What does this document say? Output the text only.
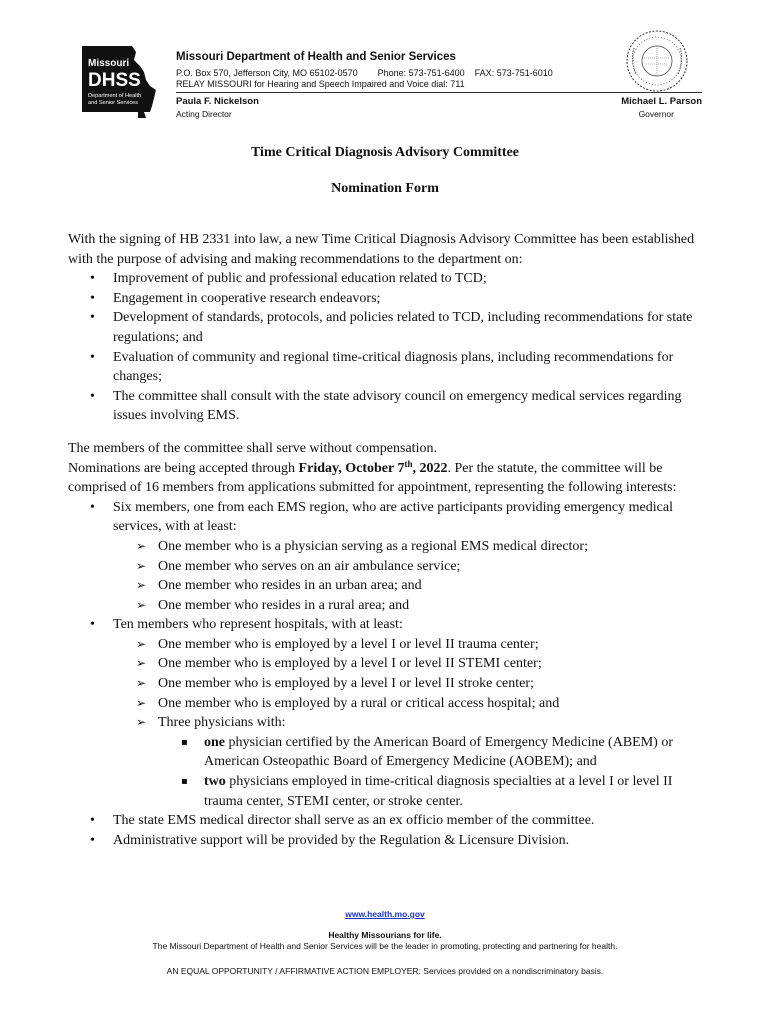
Missouri
DHSS
Department of Health
and Senior Services
Missouri Department of Health and Senior Services
P.O. Box 570, Jefferson City, MO 65102-0570        Phone: 573-751-6400    FAX: 573-751-6010
RELAY MISSOURI for Hearing and Speech Impaired and Voice dial: 711
Paula F. Nickelson
Acting Director
Michael L. Parson
Governor
Time Critical Diagnosis Advisory Committee
Nomination Form

With the signing of HB 2331 into law, a new Time Critical Diagnosis Advisory Committee has been established with the purpose of advising and making recommendations to the department on:

• Improvement of public and professional education related to TCD;
• Engagement in cooperative research endeavors;
• Development of standards, protocols, and policies related to TCD, including recommendations for state regulations; and
• Evaluation of community and regional time-critical diagnosis plans, including recommendations for changes;
• The committee shall consult with the state advisory council on emergency medical services regarding issues involving EMS.

The members of the committee shall serve without compensation.

Nominations are being accepted through Friday, October 7th, 2022. Per the statute, the committee will be comprised of 16 members from applications submitted for appointment, representing the following interests:

• Six members, one from each EMS region, who are active participants providing emergency medical services, with at least:
➢ One member who is a physician serving as a regional EMS medical director;
➢ One member who serves on an air ambulance service;
➢ One member who resides in an urban area; and
➢ One member who resides in a rural area; and
• Ten members who represent hospitals, with at least:
➢ One member who is employed by a level I or level II trauma center;
➢ One member who is employed by a level I or level II STEMI center;
➢ One member who is employed by a level I or level II stroke center;
➢ One member who is employed by a rural or critical access hospital; and
➢ Three physicians with:
▪ one physician certified by the American Board of Emergency Medicine (ABEM) or American Osteopathic Board of Emergency Medicine (AOBEM); and
▪ two physicians employed in time-critical diagnosis specialties at a level I or level II trauma center, STEMI center, or stroke center.
• The state EMS medical director shall serve as an ex officio member of the committee.
• Administrative support will be provided by the Regulation & Licensure Division.
www.health.mo.gov
Healthy Missourians for life.
The Missouri Department of Health and Senior Services will be the leader in promoting, protecting and partnering for health.
AN EQUAL OPPORTUNITY / AFFIRMATIVE ACTION EMPLOYER: Services provided on a nondiscriminatory basis.
